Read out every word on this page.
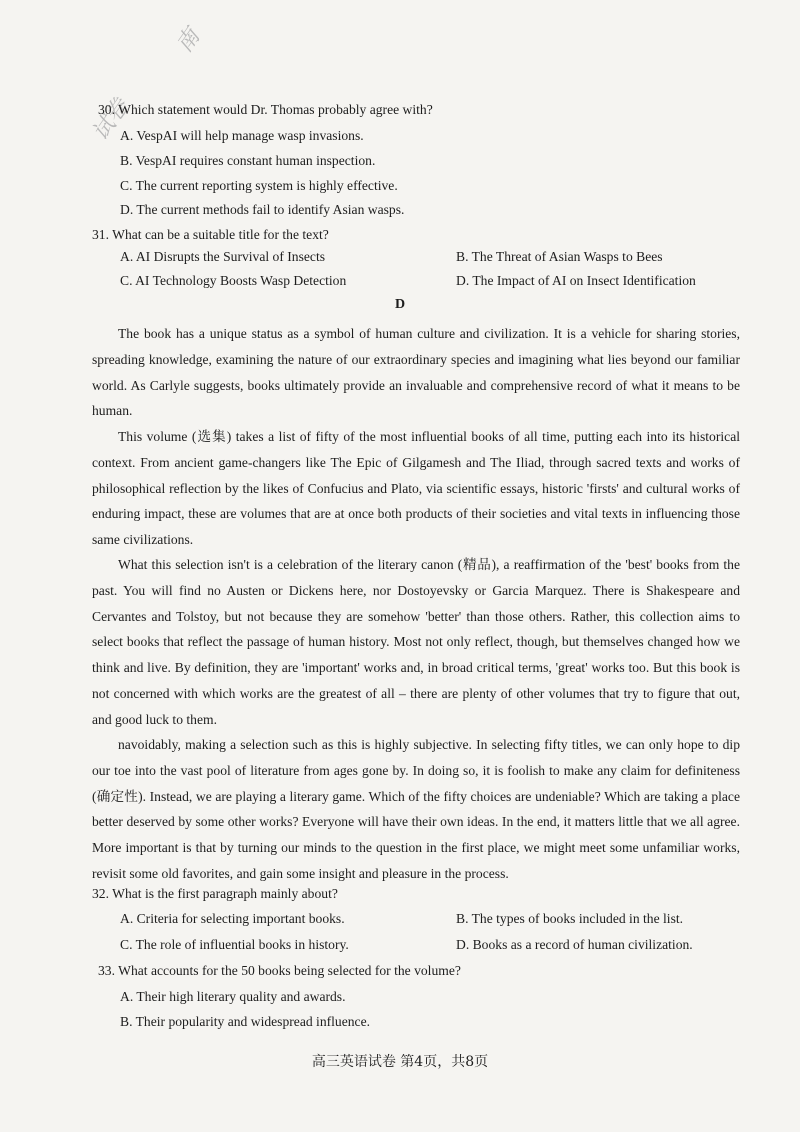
南
试卷
30. Which statement would Dr. Thomas probably agree with?
A. VespAI will help manage wasp invasions.
B. VespAI requires constant human inspection.
C. The current reporting system is highly effective.
D. The current methods fail to identify Asian wasps.
31. What can be a suitable title for the text?
A. AI Disrupts the Survival of Insects	B. The Threat of Asian Wasps to Bees
C. AI Technology Boosts Wasp Detection	D. The Impact of AI on Insect Identification
D

The book has a unique status as a symbol of human culture and civilization. It is a vehicle for sharing stories, spreading knowledge, examining the nature of our extraordinary species and imagining what lies beyond our familiar world. As Carlyle suggests, books ultimately provide an invaluable and comprehensive record of what it means to be human.

This volume (选集) takes a list of fifty of the most influential books of all time, putting each into its historical context. From ancient game-changers like The Epic of Gilgamesh and The Iliad, through sacred texts and works of philosophical reflection by the likes of Confucius and Plato, via scientific essays, historic 'firsts' and cultural works of enduring impact, these are volumes that are at once both products of their societies and vital texts in influencing those same civilizations.

What this selection isn't is a celebration of the literary canon (精品), a reaffirmation of the 'best' books from the past. You will find no Austen or Dickens here, nor Dostoyevsky or Garcia Marquez. There is Shakespeare and Cervantes and Tolstoy, but not because they are somehow 'better' than those others. Rather, this collection aims to select books that reflect the passage of human history. Most not only reflect, though, but themselves changed how we think and live. By definition, they are 'important' works and, in broad critical terms, 'great' works too. But this book is not concerned with which works are the greatest of all – there are plenty of other volumes that try to figure that out, and good luck to them.

navoidably, making a selection such as this is highly subjective. In selecting fifty titles, we can only hope to dip our toe into the vast pool of literature from ages gone by. In doing so, it is foolish to make any claim for definiteness (确定性). Instead, we are playing a literary game. Which of the fifty choices are undeniable? Which are taking a place better deserved by some other works? Everyone will have their own ideas. In the end, it matters little that we all agree. More important is that by turning our minds to the question in the first place, we might meet some unfamiliar works, revisit some old favorites, and gain some insight and pleasure in the process.

32. What is the first paragraph mainly about?
A. Criteria for selecting important books.	B. The types of books included in the list.
C. The role of influential books in history.	D. Books as a record of human civilization.
33. What accounts for the 50 books being selected for the volume?
A. Their high literary quality and awards.
B. Their popularity and widespread influence.
高三英语试卷 第4页，共8页
